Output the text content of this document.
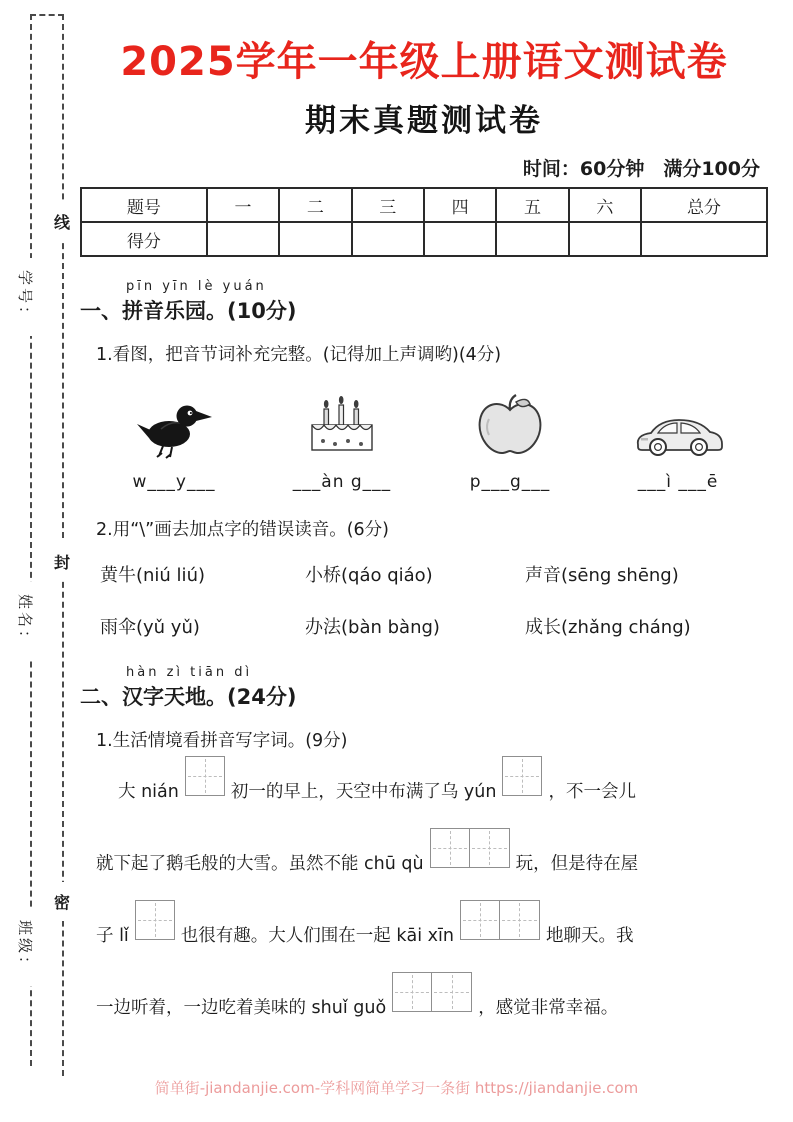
线
封
密
学号：
姓名：
班级：
2025学年一年级上册语文测试卷
期末真题测试卷
时间：60分钟　满分100分
题号	一	二	三	四	五	六	总分
得分							
pīn yīn lè yuán
一、拼音乐园。(10分)
1.看图，把音节词补充完整。(记得加上声调哟)(4分)
w___y___	___àn g___	p___g___	___ì ___ē
2.用“\”画去加点字的错误读音。(6分)
黄牛(niú liú)	小桥(qáo qiáo)	声音(sēng shēng)
雨伞(yǔ yǔ)	办法(bàn bàng)	成长(zhǎng cháng)
hàn zì tiān dì
二、汉字天地。(24分)
1.生活情境看拼音写字词。(9分)
大 nián	初一的早上，天空中布满了乌 yún	，不一会儿
就下起了鹅毛般的大雪。虽然不能 chū qù	玩，但是待在屋
子 lǐ	也很有趣。大人们围在一起 kāi xīn	地聊天。我
一边听着，一边吃着美味的 shuǐ guǒ	，感觉非常幸福。
简单街-jiandanjie.com-学科网简单学习一条街 https://jiandanjie.com
